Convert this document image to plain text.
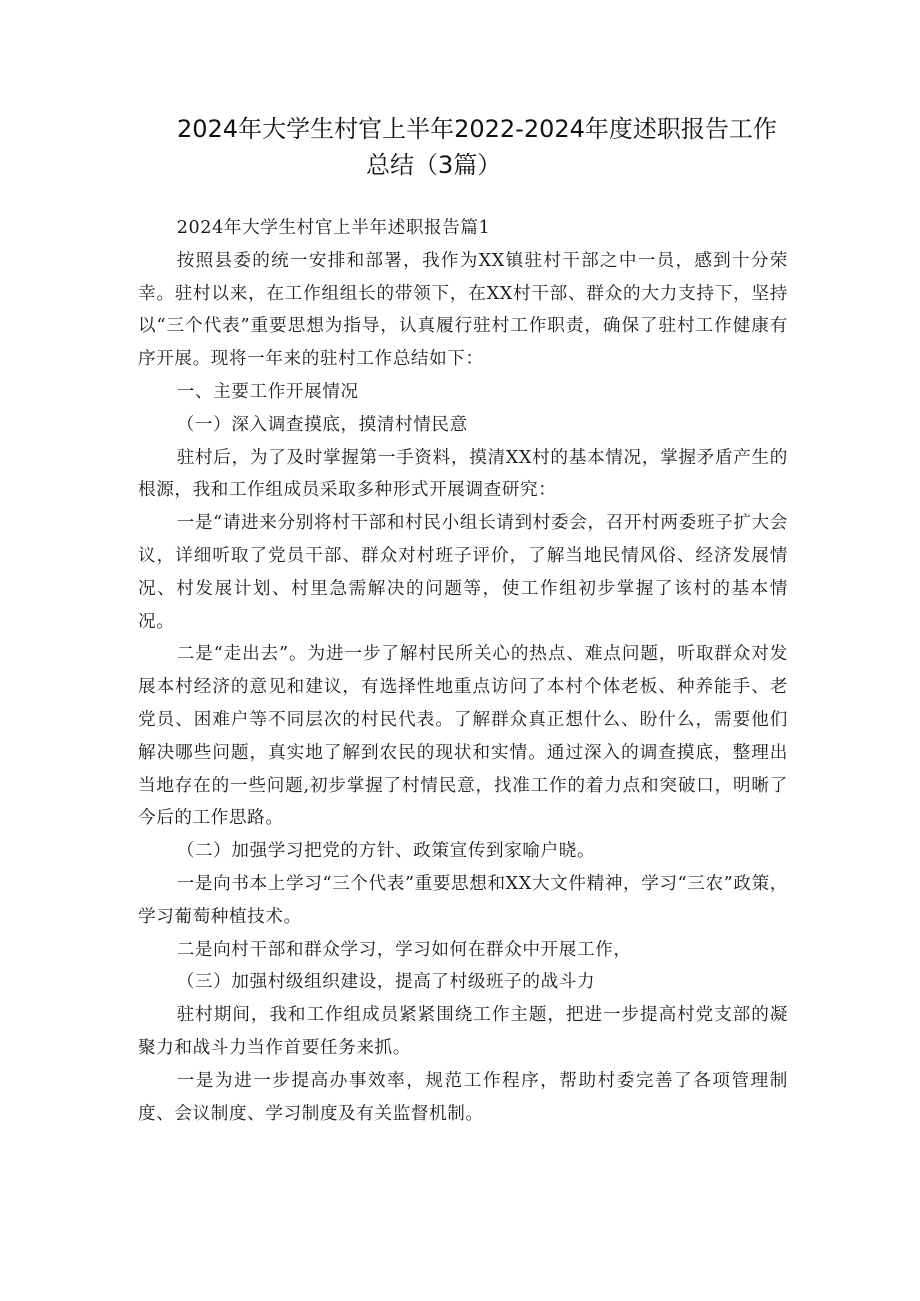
2024年大学生村官上半年2022-2024年度述职报告工作
总结（3篇）

2024年大学生村官上半年述职报告篇1

按照县委的统一安排和部署，我作为XX镇驻村干部之中一员，感到十分荣幸。驻村以来，在工作组组长的带领下，在XX村干部、群众的大力支持下，坚持以“三个代表”重要思想为指导，认真履行驻村工作职责，确保了驻村工作健康有序开展。现将一年来的驻村工作总结如下：

一、主要工作开展情况

（一）深入调查摸底，摸清村情民意

驻村后，为了及时掌握第一手资料，摸清XX村的基本情况，掌握矛盾产生的根源，我和工作组成员采取多种形式开展调查研究：

一是“请进来分别将村干部和村民小组长请到村委会，召开村两委班子扩大会议，详细听取了党员干部、群众对村班子评价，了解当地民情风俗、经济发展情况、村发展计划、村里急需解决的问题等，使工作组初步掌握了该村的基本情况。

二是“走出去”。为进一步了解村民所关心的热点、难点问题，听取群众对发展本村经济的意见和建议，有选择性地重点访问了本村个体老板、种养能手、老党员、困难户等不同层次的村民代表。了解群众真正想什么、盼什么，需要他们解决哪些问题，真实地了解到农民的现状和实情。通过深入的调查摸底，整理出当地存在的一些问题,初步掌握了村情民意，找准工作的着力点和突破口，明晰了今后的工作思路。

（二）加强学习把党的方针、政策宣传到家喻户晓。

一是向书本上学习“三个代表”重要思想和XX大文件精神，学习“三农”政策，学习葡萄种植技术。

二是向村干部和群众学习，学习如何在群众中开展工作，

（三）加强村级组织建设，提高了村级班子的战斗力

驻村期间，我和工作组成员紧紧围绕工作主题，把进一步提高村党支部的凝聚力和战斗力当作首要任务来抓。

一是为进一步提高办事效率，规范工作程序，帮助村委完善了各项管理制度、会议制度、学习制度及有关监督机制。
